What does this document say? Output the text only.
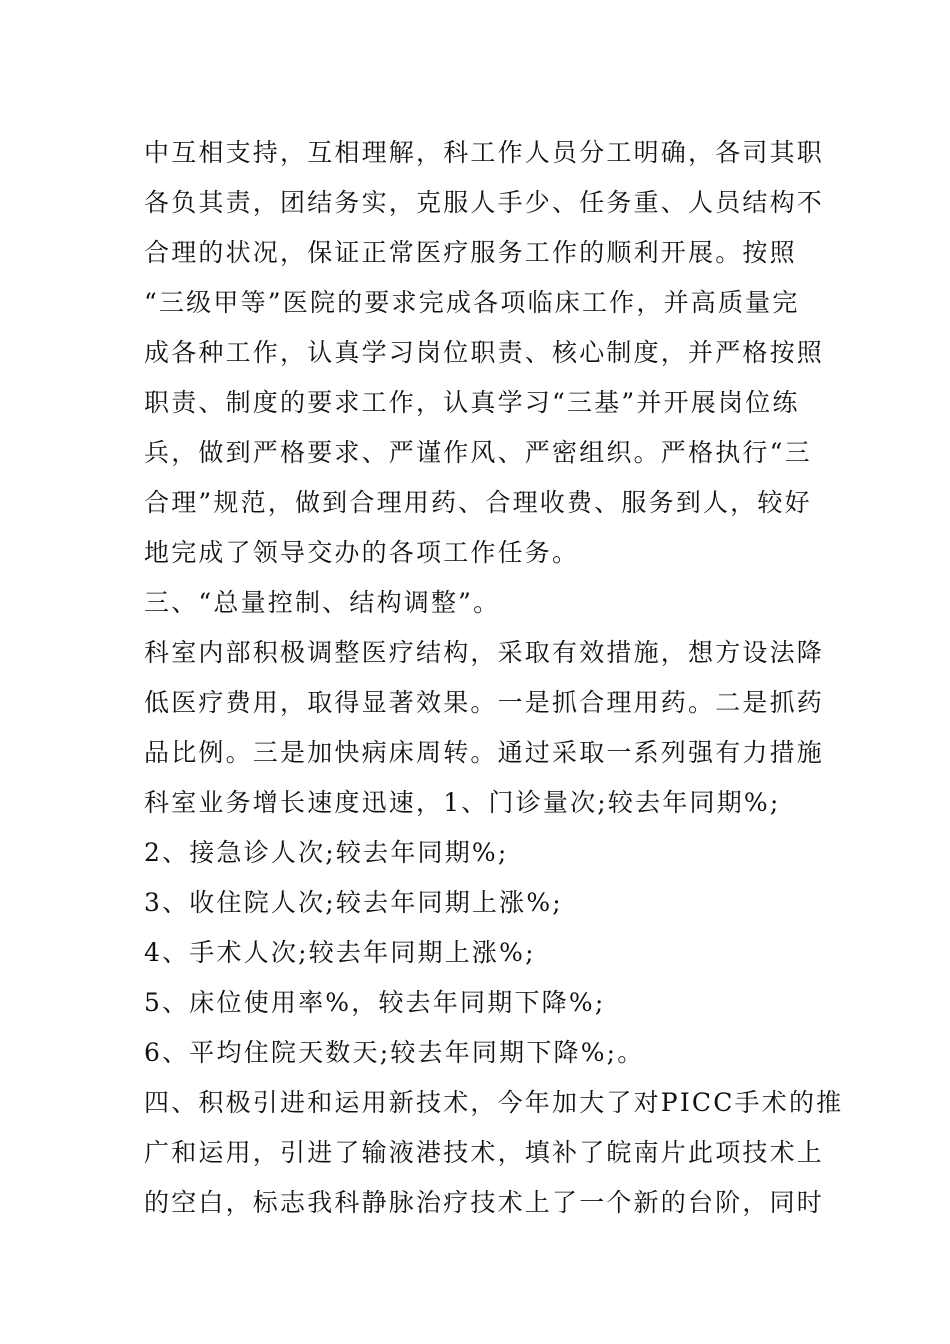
中互相支持，互相理解，科工作人员分工明确，各司其职
各负其责，团结务实，克服人手少、任务重、人员结构不
合理的状况，保证正常医疗服务工作的顺利开展。按照
“三级甲等”医院的要求完成各项临床工作，并高质量完
成各种工作，认真学习岗位职责、核心制度，并严格按照
职责、制度的要求工作，认真学习“三基”并开展岗位练
兵，做到严格要求、严谨作风、严密组织。严格执行“三
合理”规范，做到合理用药、合理收费、服务到人，较好
地完成了领导交办的各项工作任务。
三、“总量控制、结构调整”。
科室内部积极调整医疗结构，采取有效措施，想方设法降
低医疗费用，取得显著效果。一是抓合理用药。二是抓药
品比例。三是加快病床周转。通过采取一系列强有力措施
科室业务增长速度迅速，1、门诊量次;较去年同期%;
2、接急诊人次;较去年同期%;
3、收住院人次;较去年同期上涨%;
4、手术人次;较去年同期上涨%;
5、床位使用率%，较去年同期下降%;
6、平均住院天数天;较去年同期下降%;。
四、积极引进和运用新技术，今年加大了对PICC手术的推
广和运用，引进了输液港技术，填补了皖南片此项技术上
的空白，标志我科静脉治疗技术上了一个新的台阶，同时
